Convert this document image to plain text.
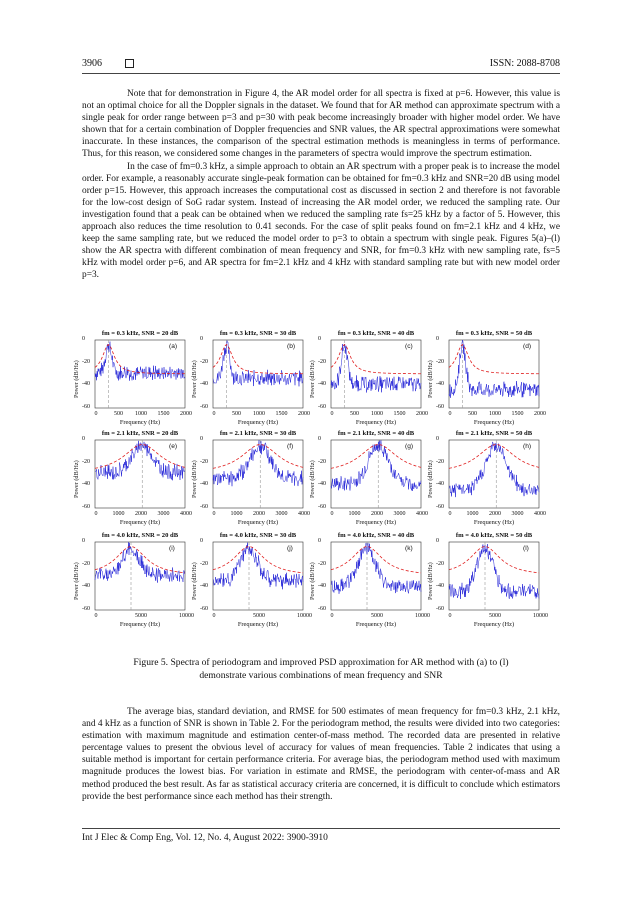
3906	ISSN: 2088-8708

Note that for demonstration in Figure 4, the AR model order for all spectra is fixed at p=6. However, this value is not an optimal choice for all the Doppler signals in the dataset. We found that for AR method can approximate spectrum with a single peak for order range between p=3 and p=30 with peak become increasingly broader with higher model order. We have shown that for a certain combination of Doppler frequencies and SNR values, the AR spectral approximations were somewhat inaccurate. In these instances, the comparison of the spectral estimation methods is meaningless in terms of performance. Thus, for this reason, we considered some changes in the parameters of spectra would improve the spectrum estimation.

In the case of fm=0.3 kHz, a simple approach to obtain an AR spectrum with a proper peak is to increase the model order. For example, a reasonably accurate single-peak formation can be obtained for fm=0.3 kHz and SNR=20 dB using model order p=15. However, this approach increases the computational cost as discussed in section 2 and therefore is not favorable for the low-cost design of SoG radar system. Instead of increasing the AR model order, we reduced the sampling rate. Our investigation found that a peak can be obtained when we reduced the sampling rate fs=25 kHz by a factor of 5. However, this approach also reduces the time resolution to 0.41 seconds. For the case of split peaks found on fm=2.1 kHz and 4 kHz, we keep the same sampling rate, but we reduced the model order to p=3 to obtain a spectrum with single peak. Figures 5(a)–(l) show the AR spectra with different combination of mean frequency and SNR, for fm=0.3 kHz with new sampling rate, fs=5 kHz with model order p=6, and AR spectra for fm=2.1 kHz and 4 kHz with standard sampling rate but with new model order p=3.

fm = 0.3 kHz, SNR = 20 dB
Power (dB/Hz)
0
-20
-40
-60
0	500	1000 1500 2000
Frequency (Hz)
(a)
fm = 0.3 kHz, SNR = 30 dB
Power (dB/Hz)
0
-20
-40
-60
0	500	1000 1500 2000
Frequency (Hz)
(b)
fm = 0.3 kHz, SNR = 40 dB
Power (dB/Hz)
0
-20
-40
-60
0	500	1000 1500 2000
Frequency (Hz)
(c)
fm = 0.3 kHz, SNR = 50 dB
Power (dB/Hz)
0
-20
-40
-60
0	500	1000 1500 2000
Frequency (Hz)
(d)
fm = 2.1 kHz, SNR = 20 dB
Power (dB/Hz)
0
-20
-40
-60
0	1000 2000 3000 4000
Frequency (Hz)
(e)
fm = 2.1 kHz, SNR = 30 dB
Power (dB/Hz)
0
-20
-40
-60
0	1000 2000 3000 4000
Frequency (Hz)
(f)
fm = 2.1 kHz, SNR = 40 dB
Power (dB/Hz)
0
-20
-40
-60
0	1000 2000 3000 4000
Frequency (Hz)
(g)
fm = 2.1 kHz, SNR = 50 dB
Power (dB/Hz)
0
-20
-40
-60
0	1000 2000 3000 4000
Frequency (Hz)
(h)
fm = 4.0 kHz, SNR = 20 dB
Power (dB/Hz)
0
-20
-40
-60
0	5000	10000
Frequency (Hz)
(i)
fm = 4.0 kHz, SNR = 30 dB
Power (dB/Hz)
0
-20
-40
-60
0	5000	10000
Frequency (Hz)
(j)
fm = 4.0 kHz, SNR = 40 dB
Power (dB/Hz)
0
-20
-40
-60
0	5000	10000
Frequency (Hz)
(k)
fm = 4.0 kHz, SNR = 50 dB
Power (dB/Hz)
0
-20
-40
-60
0	5000	10000
Frequency (Hz)
(l)
Figure 5. Spectra of periodogram and improved PSD approximation for AR method with (a) to (l)
demonstrate various combinations of mean frequency and SNR

The average bias, standard deviation, and RMSE for 500 estimates of mean frequency for fm=0.3 kHz, 2.1 kHz, and 4 kHz as a function of SNR is shown in Table 2. For the periodogram method, the results were divided into two categories: estimation with maximum magnitude and estimation center-of-mass method. The recorded data are presented in relative percentage values to present the obvious level of accuracy for values of mean frequencies. Table 2 indicates that using a suitable method is important for certain performance criteria. For average bias, the periodogram method used with maximum magnitude produces the lowest bias. For variation in estimate and RMSE, the periodogram with center-of-mass and AR method produced the best result. As far as statistical accuracy criteria are concerned, it is difficult to conclude which estimators provide the best performance since each method has their strength.

Int J Elec & Comp Eng, Vol. 12, No. 4, August 2022: 3900-3910
